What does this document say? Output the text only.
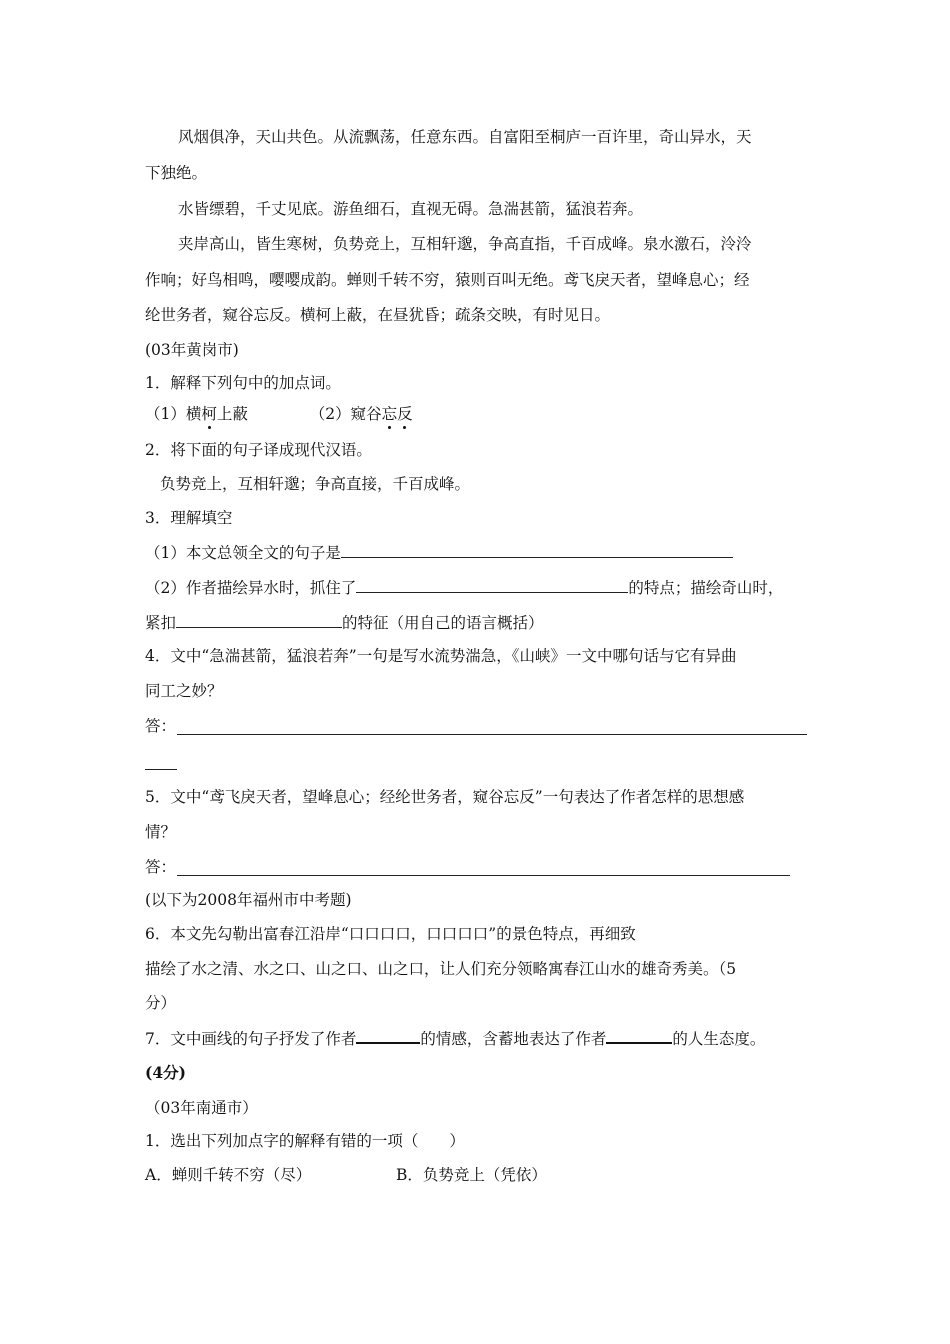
风烟俱净，天山共色。从流飘荡，任意东西。自富阳至桐庐一百许里，奇山异水，天
下独绝。
水皆缥碧，千丈见底。游鱼细石，直视无碍。急湍甚箭，猛浪若奔。
夹岸高山，皆生寒树，负势竞上，互相轩邈，争高直指，千百成峰。泉水激石，泠泠
作响；好鸟相鸣，嘤嘤成韵。蝉则千转不穷，猿则百叫无绝。鸢飞戾天者，望峰息心；经
纶世务者，窥谷忘反。横柯上蔽，在昼犹昏；疏条交映，有时见日。
(03年黄岗市)
1．解释下列句中的加点词。
（1）横柯上蔽	（2）窥谷忘反
2．将下面的句子译成现代汉语。
负势竞上，互相轩邈；争高直接，千百成峰。
3．理解填空
（1）本文总领全文的句子是
（2）作者描绘异水时，抓住了	的特点；描绘奇山时，
紧扣	的特征（用自己的语言概括）
4．文中“急湍甚箭，猛浪若奔”一句是写水流势湍急，《山峡》一文中哪句话与它有异曲
同工之妙？
答：
5．文中“鸢飞戾天者，望峰息心；经纶世务者，窥谷忘反”一句表达了作者怎样的思想感
情？
答：
(以下为2008年福州市中考题)
6．本文先勾勒出富春江沿岸“口口口口，口口口口”的景色特点，再细致
描绘了水之清、水之口、山之口、山之口，让人们充分领略寓春江山水的雄奇秀美。（5
分）
7．文中画线的句子抒发了作者	的情感，含蓄地表达了作者	的人生态度。
(4分)
（03年南通市）
1．选出下列加点字的解释有错的一项（　　）
A．蝉则千转不穷（尽）	B．负势竞上（凭依）
